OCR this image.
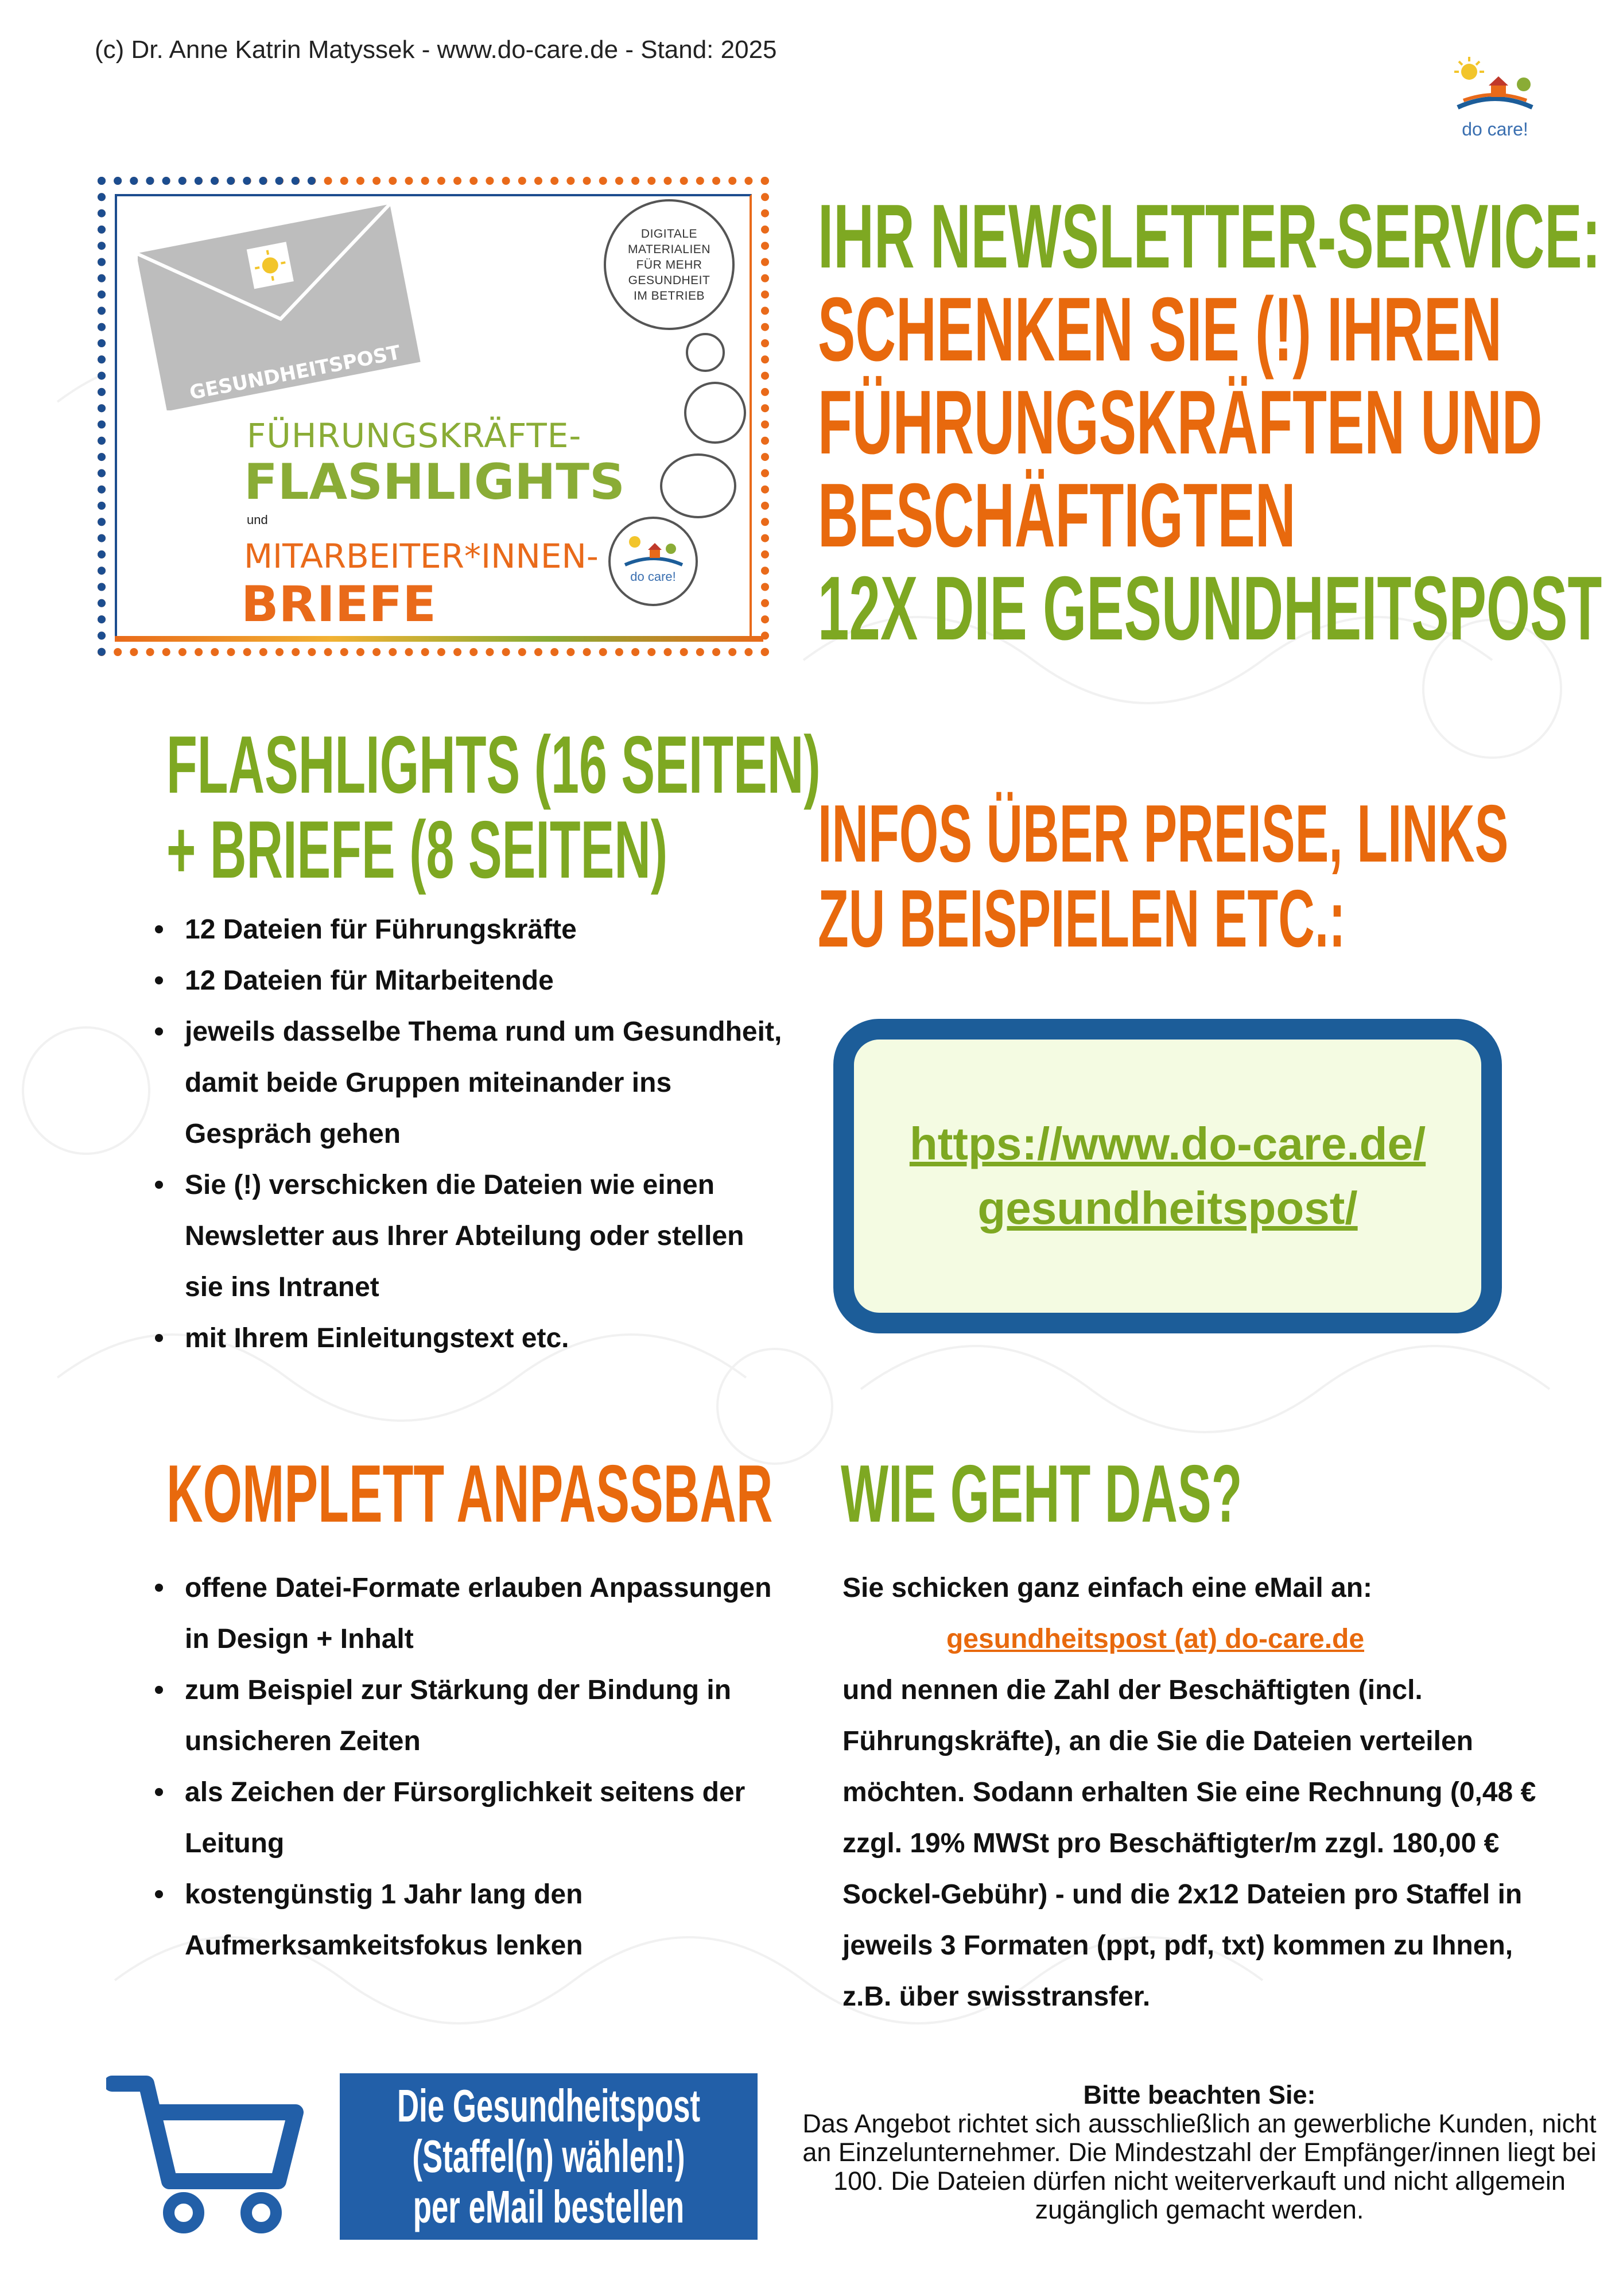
(c) Dr. Anne Katrin Matyssek - www.do-care.de - Stand: 2025
do care!
GESUNDHEITSPOST
DIGITALE
MATERIALIEN
FÜR MEHR
GESUNDHEIT
IM BETRIEB
do care!
FÜHRUNGSKRÄFTE-
FLASHLIGHTS
und
MITARBEITER*INNEN-
BRIEFE
IHR NEWSLETTER-SERVICE:
SCHENKEN SIE (!) IHREN
FÜHRUNGSKRÄFTEN UND
BESCHÄFTIGTEN
12X DIE GESUNDHEITSPOST
FLASHLIGHTS (16 SEITEN)
+ BRIEFE (8 SEITEN)
12 Dateien für Führungskräfte
12 Dateien für Mitarbeitende
jeweils dasselbe Thema rund um Gesundheit, damit beide Gruppen miteinander ins Gespräch gehen
Sie (!) verschicken die Dateien wie einen Newsletter aus Ihrer Abteilung oder stellen sie ins Intranet
mit Ihrem Einleitungstext etc.
INFOS ÜBER PREISE, LINKS
ZU BEISPIELEN ETC.:
https://www.do-care.de/
gesundheitspost/
KOMPLETT ANPASSBAR
offene Datei-Formate erlauben Anpassungen in Design + Inhalt
zum Beispiel zur Stärkung der Bindung in unsicheren Zeiten
als Zeichen der Fürsorglichkeit seitens der Leitung
kostengünstig 1 Jahr lang den Aufmerksamkeitsfokus lenken
WIE GEHT DAS?
Sie schicken ganz einfach eine eMail an:
gesundheitspost (at) do-care.de
und nennen die Zahl der Beschäftigten (incl. Führungskräfte), an die Sie die Dateien verteilen möchten. Sodann erhalten Sie eine Rechnung (0,48 € zzgl. 19% MWSt pro Beschäftigter/m zzgl. 180,00 € Sockel-Gebühr) - und die 2x12 Dateien pro Staffel in jeweils 3 Formaten (ppt, pdf, txt) kommen zu Ihnen, z.B. über swisstransfer.
Die Gesundheitspost
(Staffel(n) wählen!)
per eMail bestellen
Bitte beachten Sie:
Das Angebot richtet sich ausschließlich an gewerbliche Kunden, nicht an Einzelunternehmer. Die Mindestzahl der Empfänger/innen liegt bei 100. Die Dateien dürfen nicht weiterverkauft und nicht allgemein zugänglich gemacht werden.
